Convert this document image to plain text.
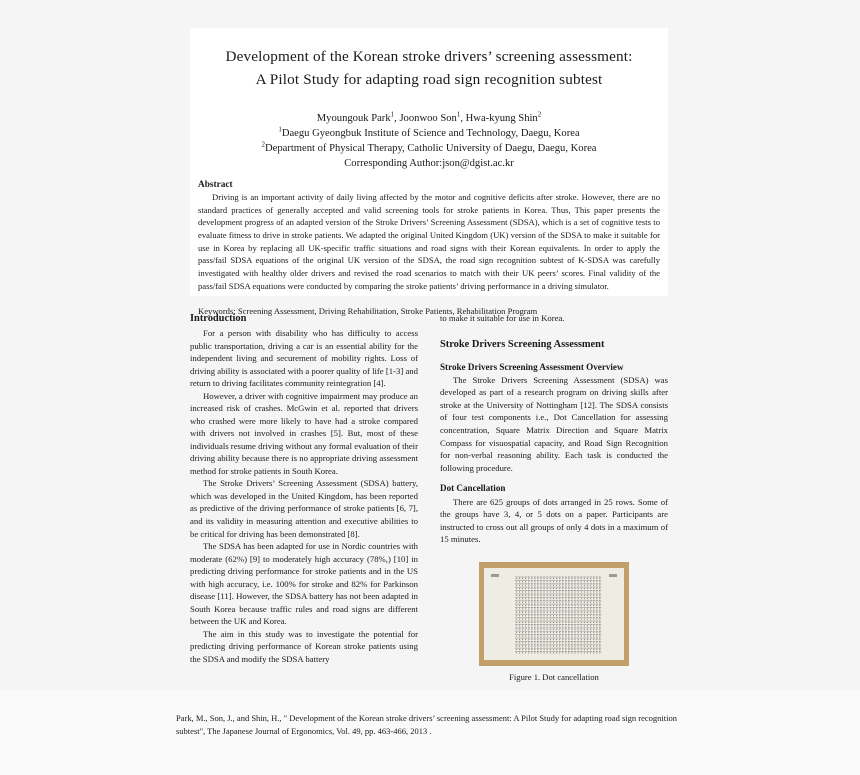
Development of the Korean stroke drivers’ screening assessment:
A Pilot Study for adapting road sign recognition subtest
Myoungouk Park$^1$, Joonwoo Son$^1$, Hwa-kyung Shin$^2$
$^1$Daegu Gyeongbuk Institute of Science and Technology, Daegu, Korea
$^2$Department of Physical Therapy, Catholic University of Daegu, Daegu, Korea
Corresponding Author:json@dgist.ac.kr
Abstract
Driving is an important activity of daily living affected by the motor and cognitive deficits after stroke. However, there are no standard practices of generally accepted and valid screening tools for stroke patients in Korea. Thus, This paper presents the development progress of an adapted version of the Stroke Drivers’ Screening Assessment (SDSA), which is a set of cognitive tests to evaluate fitness to drive in stroke patients. We adapted the original United Kingdom (UK) version of the SDSA to make it suitable for use in Korea by replacing all UK-specific traffic situations and road signs with their Korean equivalents. In order to apply the pass/fail SDSA equations of the original UK version of the SDSA, the road sign recognition subtest of K-SDSA was carefully investigated with healthy older drivers and revised the road scenarios to match with their UK peers’ scores. Final validity of the pass/fail SDSA equations were conducted by comparing the stroke patients’ driving performance in a driving simulator.
Keywords: Screening Assessment, Driving Rehabilitation, Stroke Patients, Rehabilitation Program
Introduction

For a person with disability who has difficulty to access public transportation, driving a car is an essential ability for the independent living and securement of mobility rights. Loss of driving ability is associated with a poorer quality of life [1-3] and return to driving facilitates community reintegration [4].

However, a driver with cognitive impairment may produce an increased risk of crashes. McGwin et al. reported that drivers who crashed were more likely to have had a stroke compared with drivers not involved in crashes [5]. But, most of these individuals resume driving without any formal evaluation of their driving ability because there is no appropriate driving assessment method for stroke patients in South Korea.

The Stroke Drivers’ Screening Assessment (SDSA) battery, which was developed in the United Kingdom, has been reported as predictive of the driving performance of stroke patients [6, 7], and its validity in measuring attention and executive abilities to be critical for driving has been demonstrated [8].

The SDSA has been adapted for use in Nordic countries with moderate (62%) [9] to moderately high accuracy (78%,) [10] in predicting driving performance for stroke patients and in the US with high accuracy, i.e. 100% for stroke and 82% for Parkinson disease [11]. However, the SDSA battery has not been adapted in South Korea because traffic rules and road signs are different between the UK and Korea.

The aim in this study was to investigate the potential for predicting driving performance of Korean stroke patients using the SDSA and modify the SDSA battery

to make it suitable for use in Korea.

Stroke Drivers Screening Assessment
Stroke Drivers Screening Assessment Overview

The Stroke Drivers Screening Assessment (SDSA) was developed as part of a research program on driving skills after stroke at the University of Nottingham [12]. The SDSA consists of four test components i.e., Dot Cancellation for assessing concentration, Square Matrix Direction and Square Matrix Compass for visuospatial capacity, and Road Sign Recognition for non-verbal reasoning ability. Each task is conducted the following procedure.

Dot Cancellation

There are 625 groups of dots arranged in 25 rows. Some of the groups have 3, 4, or 5 dots on a paper. Participants are instructed to cross out all groups of only 4 dots in a maximum of 15 minutes.

Figure 1. Dot cancellation
Park, M., Son, J., and Shin, H., " Development of the Korean stroke drivers’ screening assessment: A Pilot Study for adapting road sign recognition subtest", The Japanese Journal of Ergonomics, Vol. 49, pp. 463-466, 2013 .
